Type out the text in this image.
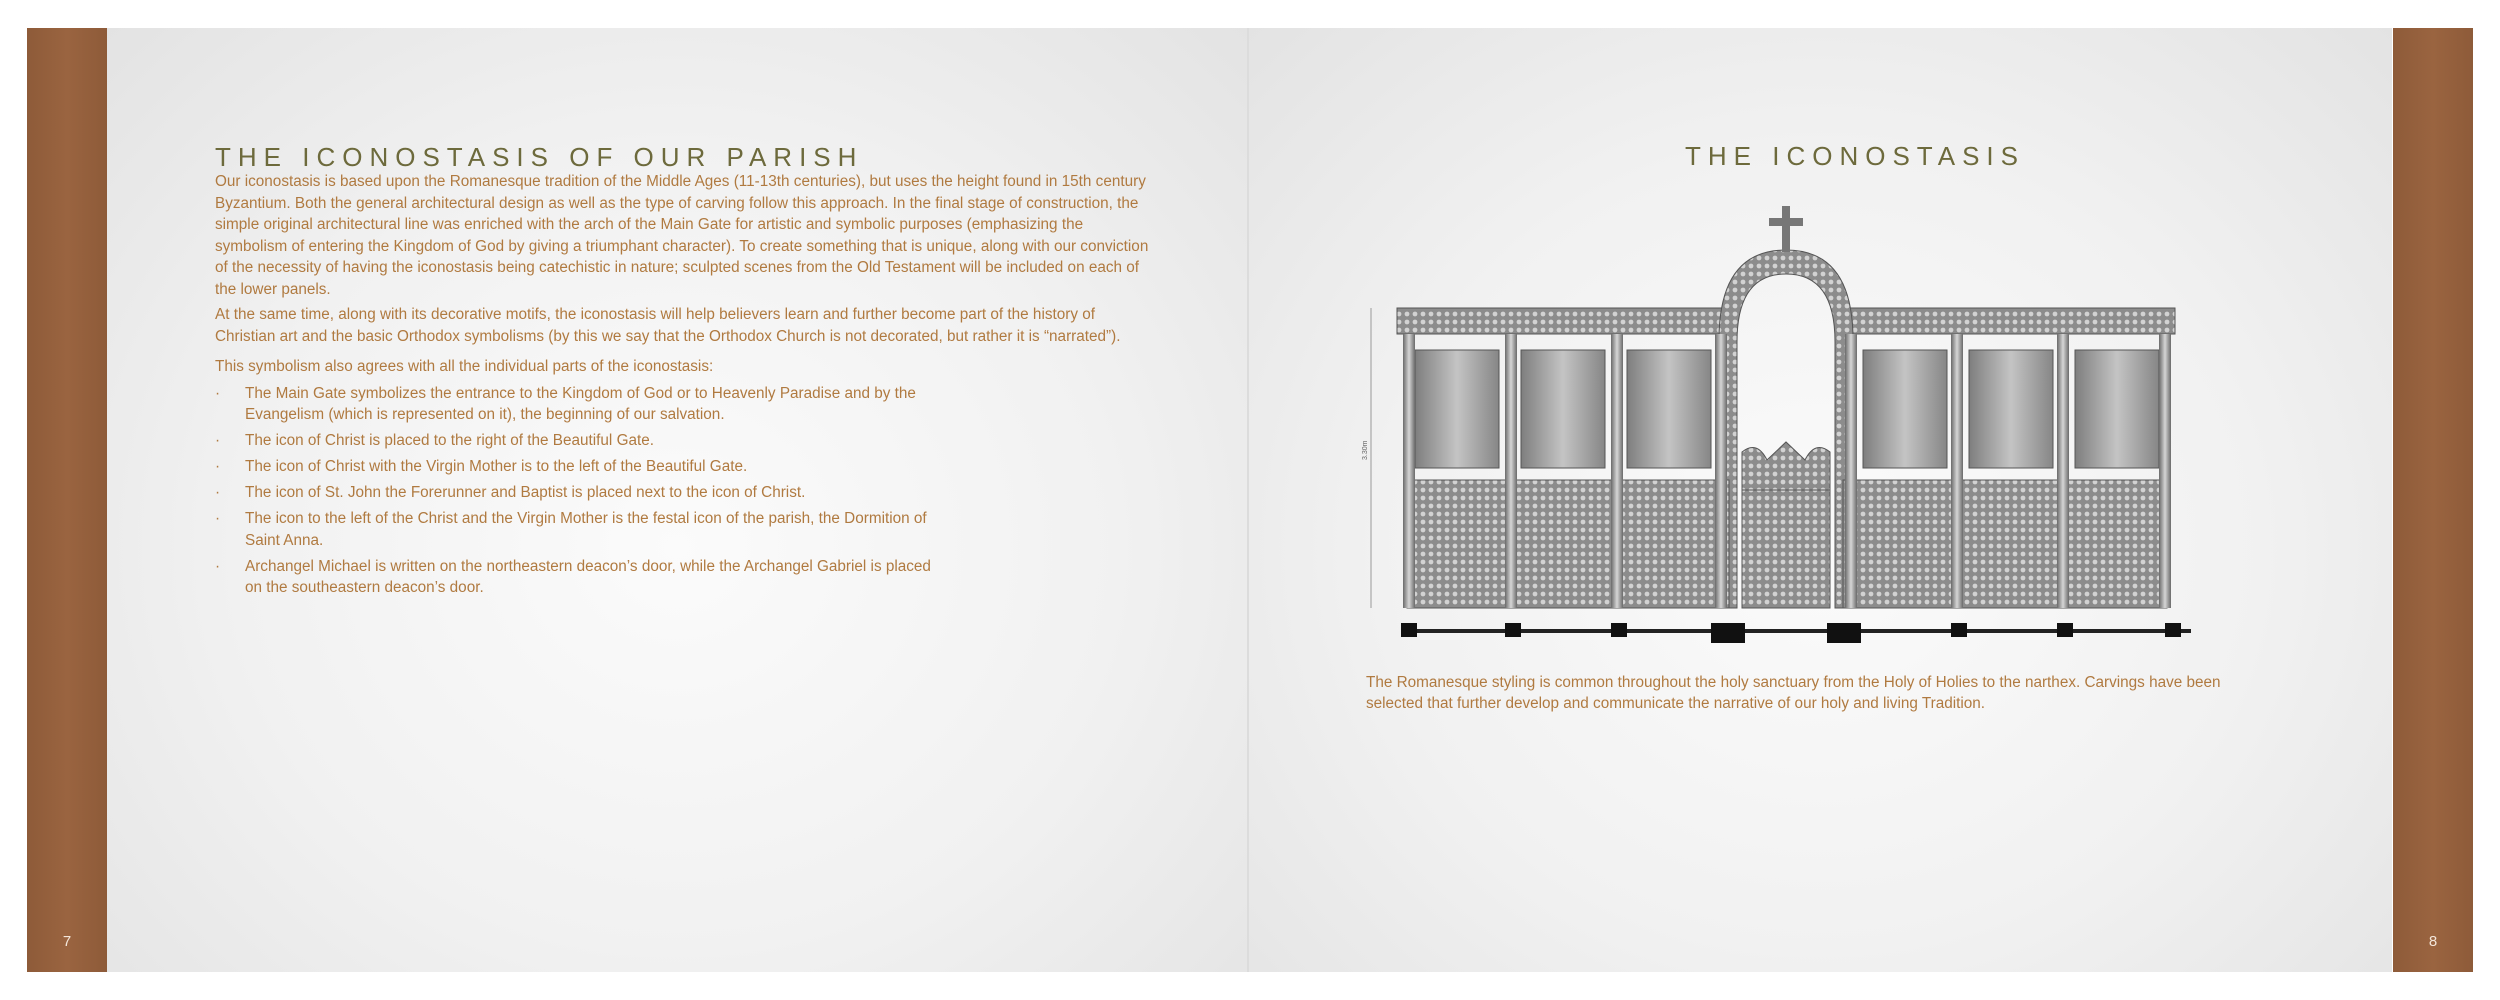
7
THE ICONOSTASIS OF OUR PARISH

Our iconostasis is based upon the Romanesque tradition of the Middle Ages (11-13th centuries), but uses the height found in 15th century Byzantium. Both the general architectural design as well as the type of carving follow this approach. In the final stage of construction, the simple original architectural line was enriched with the arch of the Main Gate for artistic and symbolic purposes (emphasizing the symbolism of entering the Kingdom of God by giving a triumphant character). To create something that is unique, along with our conviction of the necessity of having the iconostasis being catechistic in nature; sculpted scenes from the Old Testament will be included on each of the lower panels.

At the same time, along with its decorative motifs, the iconostasis will help believers learn and further become part of the history of Christian art and the basic Orthodox symbolisms (by this we say that the Orthodox Church is not decorated, but rather it is “narrated”).

This symbolism also agrees with all the individual parts of the iconostasis:

· The Main Gate symbolizes the entrance to the Kingdom of God or to Heavenly Paradise and by the Evangelism (which is represented on it), the beginning of our salvation.
· The icon of Christ is placed to the right of the Beautiful Gate.
· The icon of Christ with the Virgin Mother is to the left of the Beautiful Gate.
· The icon of St. John the Forerunner and Baptist is placed next to the icon of Christ.
· The icon to the left of the Christ and the Virgin Mother is the festal icon of the parish, the Dormition of Saint Anna.
· Archangel Michael is written on the northeastern deacon’s door, while the Archangel Gabriel is placed on the southeastern deacon’s door.
THE ICONOSTASIS
8
3.30m
The Romanesque styling is common throughout the holy sanctuary from the Holy of Holies to the narthex. Carvings have been selected that further develop and communicate the narrative of our holy and living Tradition.
